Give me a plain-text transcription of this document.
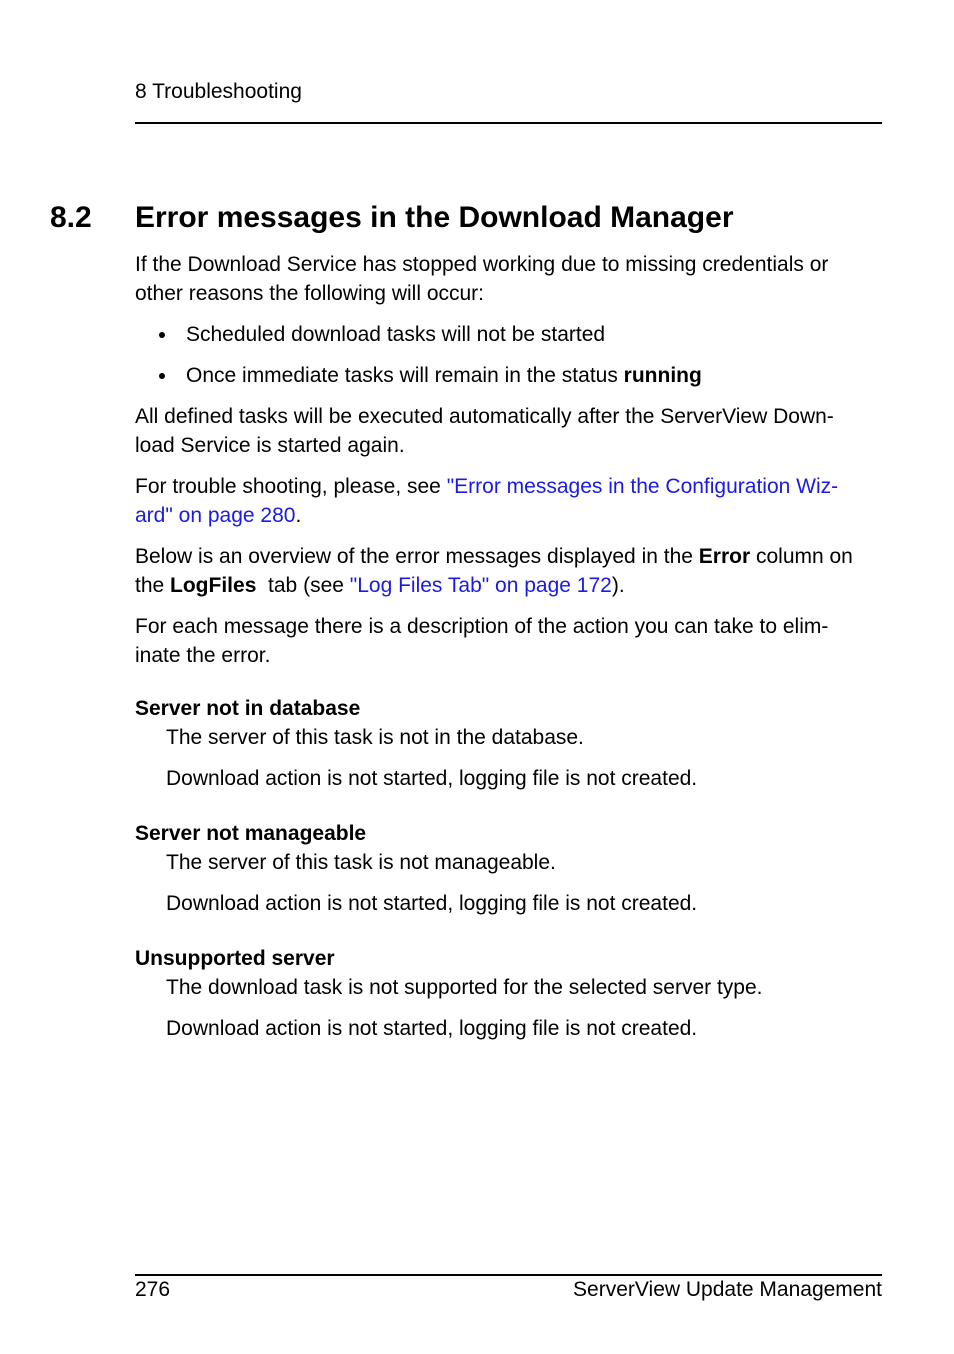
8 Troubleshooting
8.2 Error messages in the Download Manager
If the Download Service has stopped working due to missing credentials or
other reasons the following will occur:
Scheduled download tasks will not be started
Once immediate tasks will remain in the status running
All defined tasks will be executed automatically after the ServerView Down-
load Service is started again.
For trouble shooting, please, see "Error messages in the Configuration Wiz-
ard" on page 280.
Below is an overview of the error messages displayed in the Error column on
the LogFiles  tab (see "Log Files Tab" on page 172).
For each message there is a description of the action you can take to elim-
inate the error.
Server not in database
The server of this task is not in the database.
Download action is not started, logging file is not created.
Server not manageable
The server of this task is not manageable.
Download action is not started, logging file is not created.
Unsupported server
The download task is not supported for the selected server type.
Download action is not started, logging file is not created.
276	ServerView Update Management
